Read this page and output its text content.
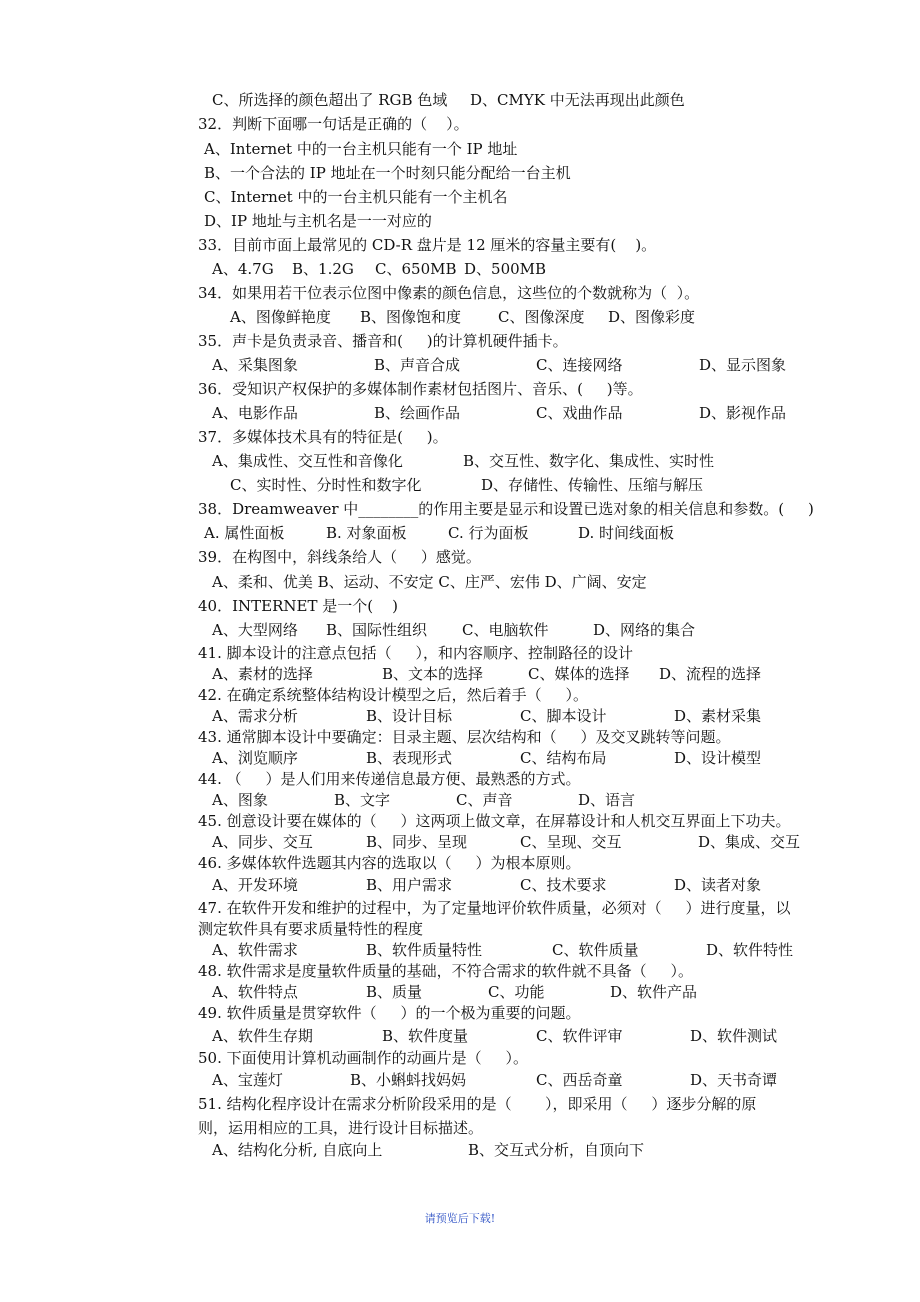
C、所选择的颜色超出了 RGB 色域 D、CMYK 中无法再现出此颜色
32．判断下面哪一句话是正确的（    ）。
A、Internet 中的一台主机只能有一个 IP 地址
B、一个合法的 IP 地址在一个时刻只能分配给一台主机
C、Internet 中的一台主机只能有一个主机名
D、IP 地址与主机名是一一对应的
33．目前市面上最常见的 CD-R 盘片是 12 厘米的容量主要有(    )。
A、4.7G B、1.2G C、650MB D、500MB
34．如果用若干位表示位图中像素的颜色信息，这些位的个数就称为（  ）。
A、图像鲜艳度 B、图像饱和度 C、图像深度 D、图像彩度
35．声卡是负责录音、播音和(     )的计算机硬件插卡。
A、采集图象	B、声音合成	C、连接网络	D、显示图象
36．受知识产权保护的多媒体制作素材包括图片、音乐、(     )等。
A、电影作品	B、绘画作品	C、戏曲作品	D、影视作品
37．多媒体技术具有的特征是(     )。
A、集成性、交互性和音像化	B、交互性、数字化、集成性、实时性
C、实时性、分时性和数字化	D、存储性、传输性、压缩与解压
38．Dreamweaver 中________的作用主要是显示和设置已选对象的相关信息和参数。(     )
A. 属性面板	B. 对象面板	C. 行为面板	D. 时间线面板
39．在构图中，斜线条给人（     ）感觉。
A、柔和、优美 B、运动、不安定 C、庄严、宏伟 D、广阔、安定
40．INTERNET 是一个(    )
A、大型网络 B、国际性组织 C、电脑软件	D、网络的集合
41. 脚本设计的注意点包括（     ），和内容顺序、控制路径的设计
A、素材的选择	B、文本的选择	C、媒体的选择 D、流程的选择
42. 在确定系统整体结构设计模型之后，然后着手（     ）。
A、需求分析	B、设计目标	C、脚本设计	D、素材采集
43. 通常脚本设计中要确定：目录主题、层次结构和（     ）及交叉跳转等问题。
A、浏览顺序	B、表现形式	C、结构布局	D、设计模型
44. （     ）是人们用来传递信息最方便、最熟悉的方式。
A、图象	B、文字	C、声音	D、语言
45. 创意设计要在媒体的（     ）这两项上做文章，在屏幕设计和人机交互界面上下功夫。
A、同步、交互	B、同步、呈现	C、呈现、交互	D、集成、交互
46. 多媒体软件选题其内容的选取以（     ）为根本原则。
A、开发环境	B、用户需求	C、技术要求	D、读者对象
47. 在软件开发和维护的过程中，为了定量地评价软件质量，必须对（     ）进行度量，以
测定软件具有要求质量特性的程度
A、软件需求	B、软件质量特性	C、软件质量	D、软件特性
48. 软件需求是度量软件质量的基础，不符合需求的软件就不具备（     ）。
A、软件特点	B、质量	C、功能	D、软件产品
49. 软件质量是贯穿软件（     ）的一个极为重要的问题。
A、软件生存期	B、软件度量	C、软件评审	D、软件测试
50. 下面使用计算机动画制作的动画片是（     ）。
A、宝莲灯	B、小蝌蚪找妈妈	C、西岳奇童	D、天书奇谭
51. 结构化程序设计在需求分析阶段采用的是（       ），即采用（     ）逐步分解的原
则，运用相应的工具，进行设计目标描述。
A、结构化分析, 自底向上	B、交互式分析，自顶向下
请预览后下载!
